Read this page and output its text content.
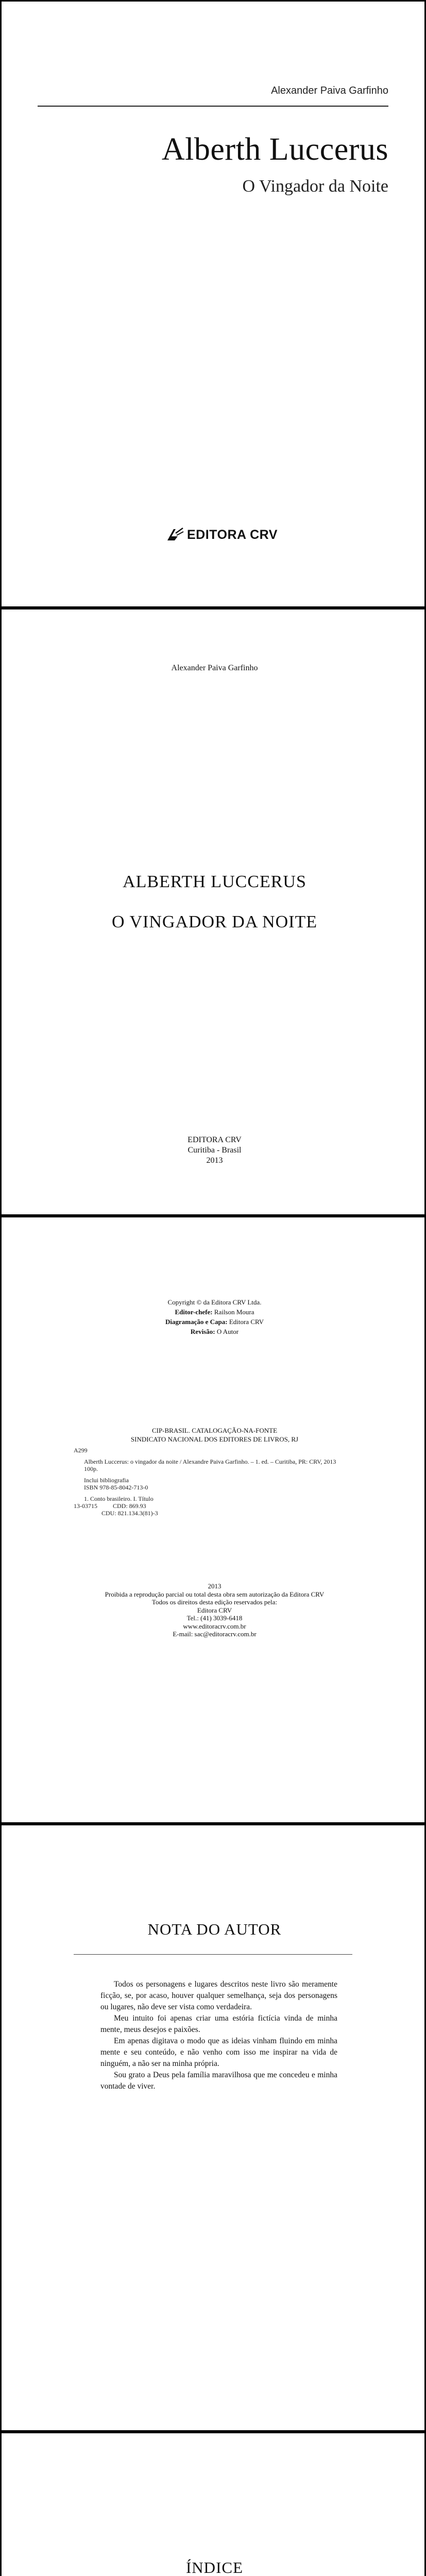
Alexander Paiva Garfinho
Alberth Luccerus
O Vingador da Noite
EDITORA CRV
Alexander Paiva Garfinho
ALBERTH LUCCERUS
O VINGADOR DA NOITE
EDITORA CRV
Curitiba - Brasil
2013
Copyright © da Editora CRV Ltda.
Editor-chefe: Railson Moura
Diagramação e Capa: Editora CRV
Revisão: O Autor
CIP-BRASIL. CATALOGAÇÃO-NA-FONTE
SINDICATO NACIONAL DOS EDITORES DE LIVROS, RJ
A299
Alberth Luccerus: o vingador da noite / Alexandre Paiva Garfinho. – 1. ed. – Curitiba, PR: CRV, 2013
100p.
Inclui bibliografia
ISBN 978-85-8042-713-0
1. Conto brasileiro. I. Título
13-03715          CDD: 869.93
CDU: 821.134.3(81)-3
2013
Proibida a reprodução parcial ou total desta obra sem autorização da Editora CRV
Todos os direitos desta edição reservados pela:
Editora CRV
Tel.: (41) 3039-6418
www.editoracrv.com.br
E-mail: sac@editoracrv.com.br
NOTA DO AUTOR

Todos os personagens e lugares descritos neste livro são meramente ficção, se, por acaso, houver qualquer semelhança, seja dos personagens ou lugares, não deve ser vista como verdadeira.

Meu intuito foi apenas criar uma estória fictícia vinda de minha mente, meus desejos e paixões.

Em apenas digitava o modo que as ideias vinham fluindo em minha mente e seu conteúdo, e não venho com isso me inspirar na vida de ninguém, a não ser na minha própria.

Sou grato a Deus pela família maravilhosa que me concedeu e minha vontade de viver.

ÍNDICE
